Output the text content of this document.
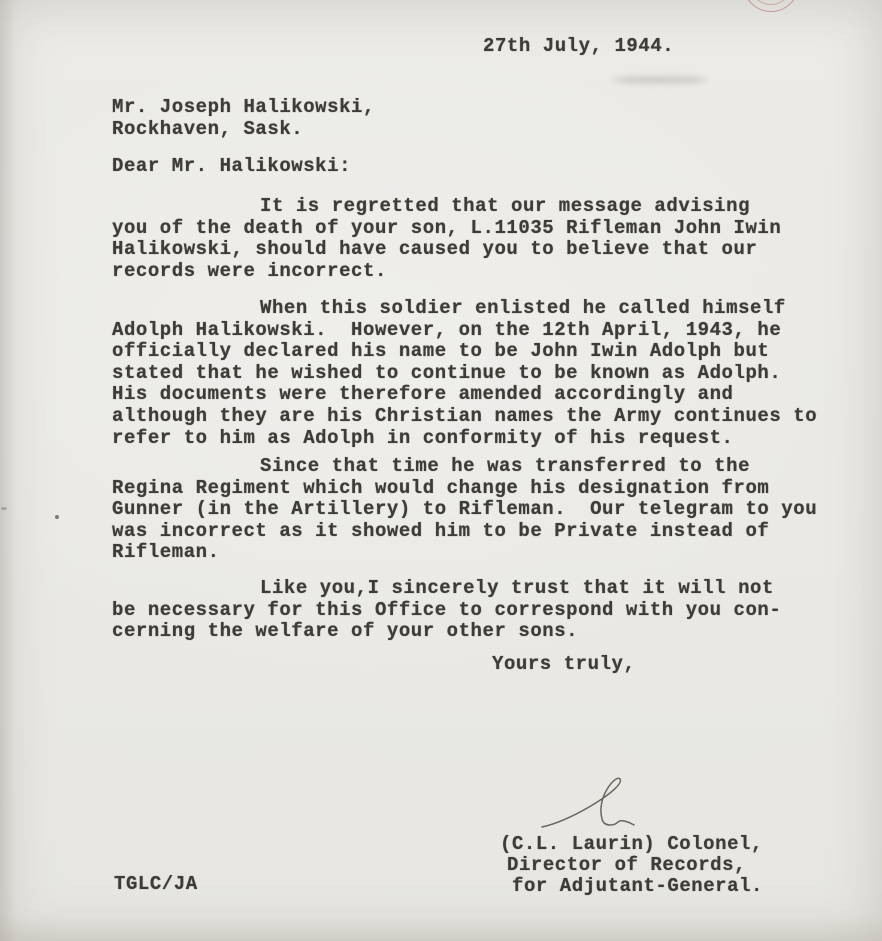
27th July, 1944.
Mr. Joseph Halikowski,
Rockhaven, Sask.
Dear Mr. Halikowski:
It is regretted that our message advising
you of the death of your son, L.11035 Rifleman John Iwin
Halikowski, should have caused you to believe that our
records were incorrect.
When this soldier enlisted he called himself
Adolph Halikowski.  However, on the 12th April, 1943, he
officially declared his name to be John Iwin Adolph but
stated that he wished to continue to be known as Adolph.
His documents were therefore amended accordingly and
although they are his Christian names the Army continues to
refer to him as Adolph in conformity of his request.
Since that time he was transferred to the
Regina Regiment which would change his designation from
Gunner (in the Artillery) to Rifleman.  Our telegram to you
was incorrect as it showed him to be Private instead of
Rifleman.
Like you,I sincerely trust that it will not
be necessary for this Office to correspond with you con-
cerning the welfare of your other sons.
Yours truly,
(C.L. Laurin) Colonel,
Director of Records,
for Adjutant-General.
TGLC/JA
